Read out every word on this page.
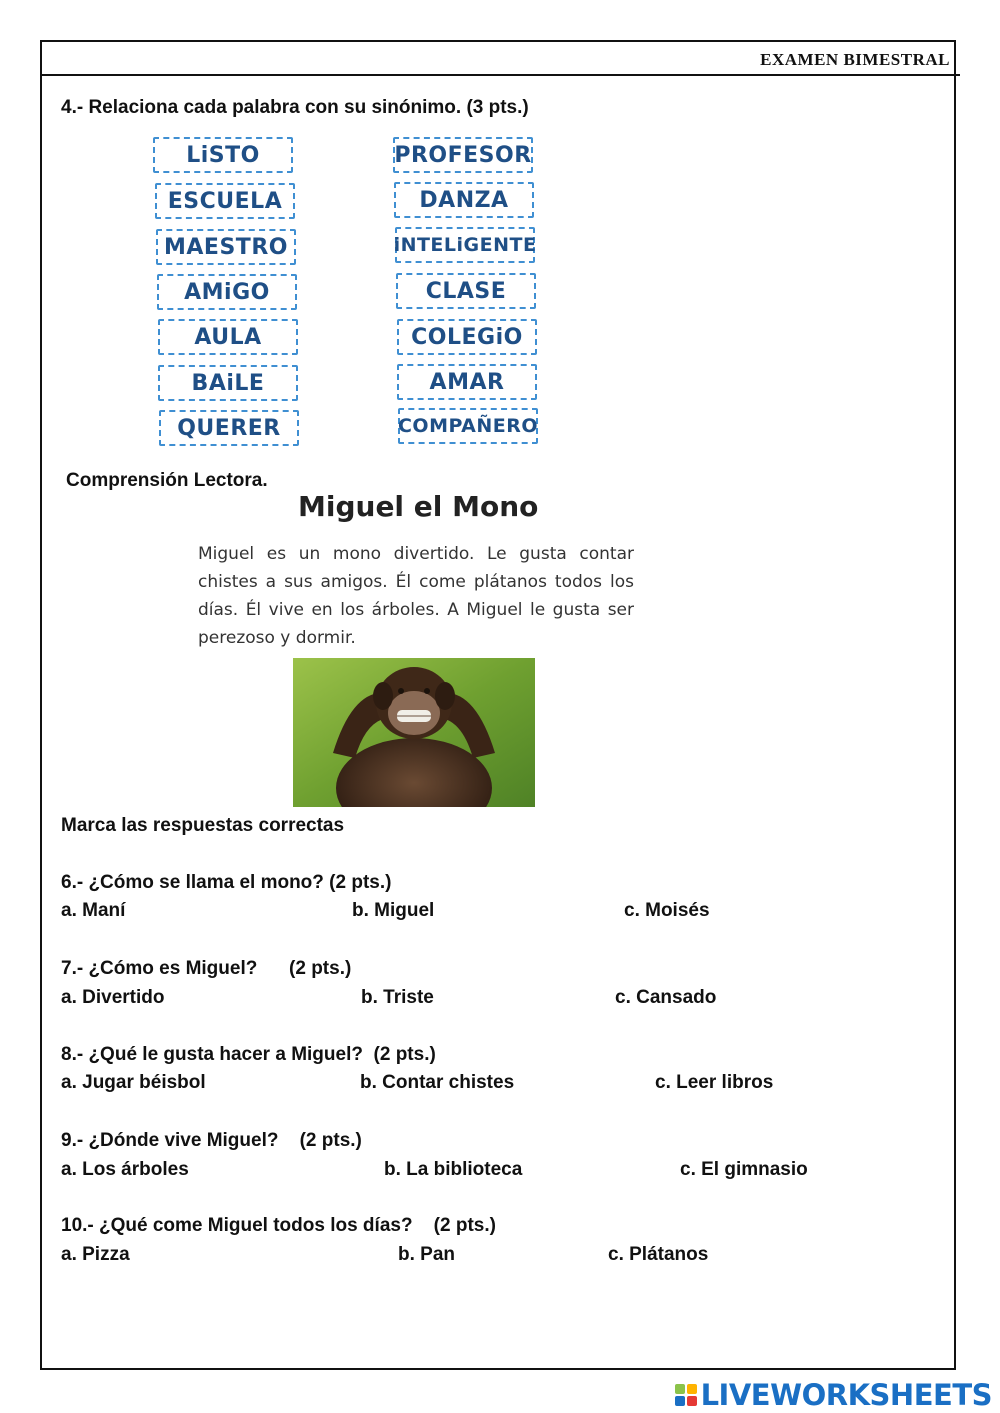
EXAMEN BIMESTRAL
4.- Relaciona cada palabra con su sinónimo. (3 pts.)
LiSTO
ESCUELA
MAESTRO
AMiGO
AULA
BAiLE
QUERER
PROFESOR
DANZA
iNTELiGENTE
CLASE
COLEGiO
AMAR
COMPAÑERO
Comprensión Lectora.
Miguel el Mono
Miguel es un mono divertido. Le gusta contar chistes a sus amigos. Él come plátanos todos los días. Él vive en los árboles. A Miguel le gusta ser perezoso y dormir.
Marca las respuestas correctas
6.- ¿Cómo se llama el mono? (2 pts.)
a. Maní	b. Miguel	c. Moisés
7.- ¿Cómo es Miguel?      (2 pts.)
a. Divertido	b. Triste	c. Cansado
8.- ¿Qué le gusta hacer a Miguel?  (2 pts.)
a. Jugar béisbol	b. Contar chistes	c. Leer libros
9.- ¿Dónde vive Miguel?    (2 pts.)
a. Los árboles	b. La biblioteca	c. El gimnasio
10.- ¿Qué come Miguel todos los días?    (2 pts.)
a. Pizza	b. Pan	c. Plátanos
LIVEWORKSHEETS
